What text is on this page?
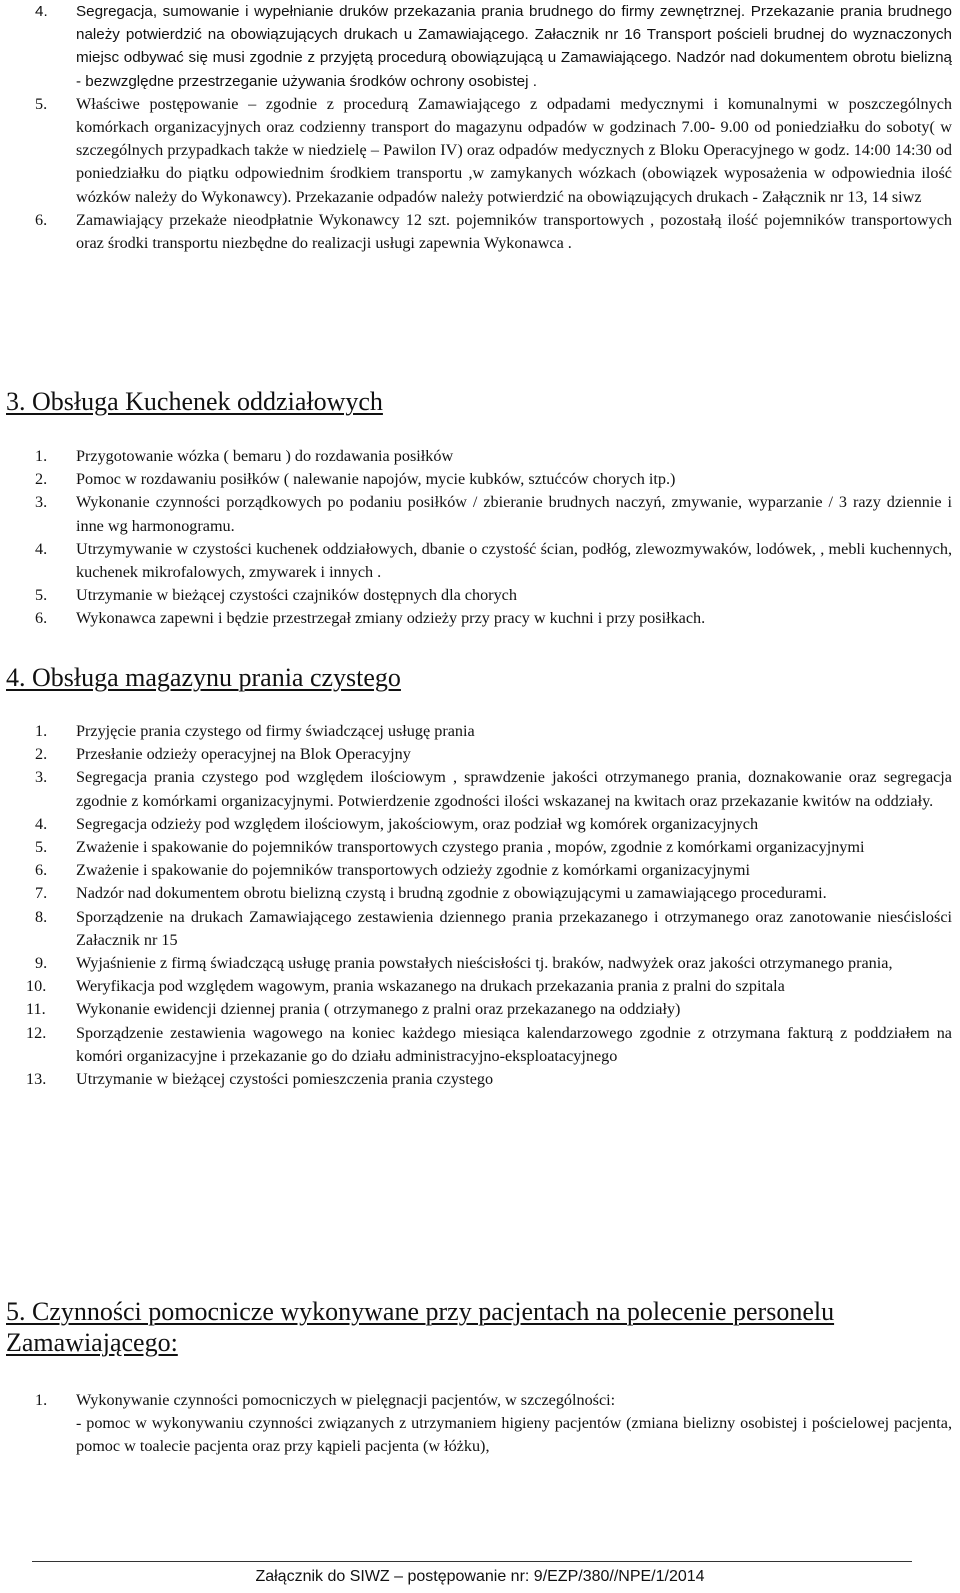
4. Segregacja, sumowanie i wypełnianie druków przekazania prania brudnego do firmy zewnętrznej. Przekazanie prania brudnego należy potwierdzić na obowiązujących drukach u Zamawiającego. Załacznik nr 16 Transport pościeli brudnej do wyznaczonych miejsc odbywać się musi zgodnie z przyjętą procedurą obowiązującą u Zamawiającego. Nadzór nad dokumentem obrotu bielizną - bezwzględne przestrzeganie używania środków ochrony osobistej .
5. Właściwe postępowanie – zgodnie z procedurą Zamawiającego z odpadami medycznymi i komunalnymi w poszczególnych komórkach organizacyjnych oraz codzienny transport do magazynu odpadów w godzinach 7.00- 9.00 od poniedziałku do soboty( w szczególnych przypadkach także w niedzielę – Pawilon IV) oraz odpadów medycznych z Bloku Operacyjnego w godz. 14:00 14:30 od poniedziałku do piątku odpowiednim środkiem transportu ,w zamykanych wózkach (obowiązek wyposażenia w odpowiednia ilość wózków należy do Wykonawcy). Przekazanie odpadów należy potwierdzić na obowiązujących drukach - Załącznik nr 13, 14 siwz
6. Zamawiający przekaże nieodpłatnie Wykonawcy 12 szt. pojemników transportowych , pozostałą ilość pojemników transportowych oraz środki transportu niezbędne do realizacji usługi zapewnia Wykonawca .
3. Obsługa Kuchenek oddziałowych
1. Przygotowanie wózka ( bemaru ) do rozdawania posiłków
2. Pomoc w rozdawaniu posiłków ( nalewanie napojów, mycie kubków, sztućców chorych itp.)
3. Wykonanie czynności porządkowych po podaniu posiłków / zbieranie brudnych naczyń, zmywanie, wyparzanie / 3 razy dziennie i inne wg harmonogramu.
4. Utrzymywanie w czystości kuchenek oddziałowych, dbanie o czystość ścian, podłóg, zlewozmywaków, lodówek, , mebli kuchennych, kuchenek mikrofalowych, zmywarek i innych .
5. Utrzymanie w bieżącej czystości czajników dostępnych dla chorych
6. Wykonawca zapewni i będzie przestrzegał zmiany odzieży przy pracy w kuchni i przy posiłkach.
4. Obsługa magazynu prania czystego
1. Przyjęcie prania czystego od firmy świadczącej usługę prania
2. Przesłanie odzieży operacyjnej na Blok Operacyjny
3. Segregacja prania czystego pod względem ilościowym , sprawdzenie jakości otrzymanego prania, doznakowanie oraz segregacja zgodnie z komórkami organizacyjnymi. Potwierdzenie zgodności ilości wskazanej na kwitach oraz przekazanie kwitów na oddziały.
4. Segregacja odzieży pod względem ilościowym, jakościowym, oraz podział wg komórek organizacyjnych
5. Zważenie i spakowanie do pojemników transportowych czystego prania , mopów, zgodnie z komórkami organizacyjnymi
6. Zważenie i spakowanie do pojemników transportowych odzieży zgodnie z komórkami organizacyjnymi
7. Nadzór nad dokumentem obrotu bielizną czystą i brudną zgodnie z obowiązującymi u zamawiającego procedurami.
8. Sporządzenie na drukach Zamawiającego zestawienia dziennego prania przekazanego i otrzymanego oraz zanotowanie niesćislości Załacznik nr 15
9. Wyjaśnienie z firmą świadczącą usługę prania powstałych nieścisłości tj. braków, nadwyżek oraz jakości otrzymanego prania,
10. Weryfikacja pod względem wagowym, prania wskazanego na drukach przekazania prania z pralni do szpitala
11. Wykonanie ewidencji dziennej prania ( otrzymanego z pralni oraz przekazanego na oddziały)
12. Sporządzenie zestawienia wagowego na koniec każdego miesiąca kalendarzowego zgodnie z otrzymana fakturą z poddziałem na komóri organizacyjne i przekazanie go do działu administracyjno-eksploatacyjnego
13. Utrzymanie w bieżącej czystości pomieszczenia prania czystego
5. Czynności pomocnicze wykonywane przy pacjentach na polecenie personelu Zamawiającego:
1. Wykonywanie czynności pomocniczych w pielęgnacji pacjentów, w szczególności:
- pomoc w wykonywaniu czynności związanych z utrzymaniem higieny pacjentów (zmiana bielizny osobistej i pościelowej pacjenta, pomoc w toalecie pacjenta oraz przy kąpieli pacjenta (w łóżku),
Załącznik do SIWZ – postępowanie nr: 9/EZP/380//NPE/1/2014
